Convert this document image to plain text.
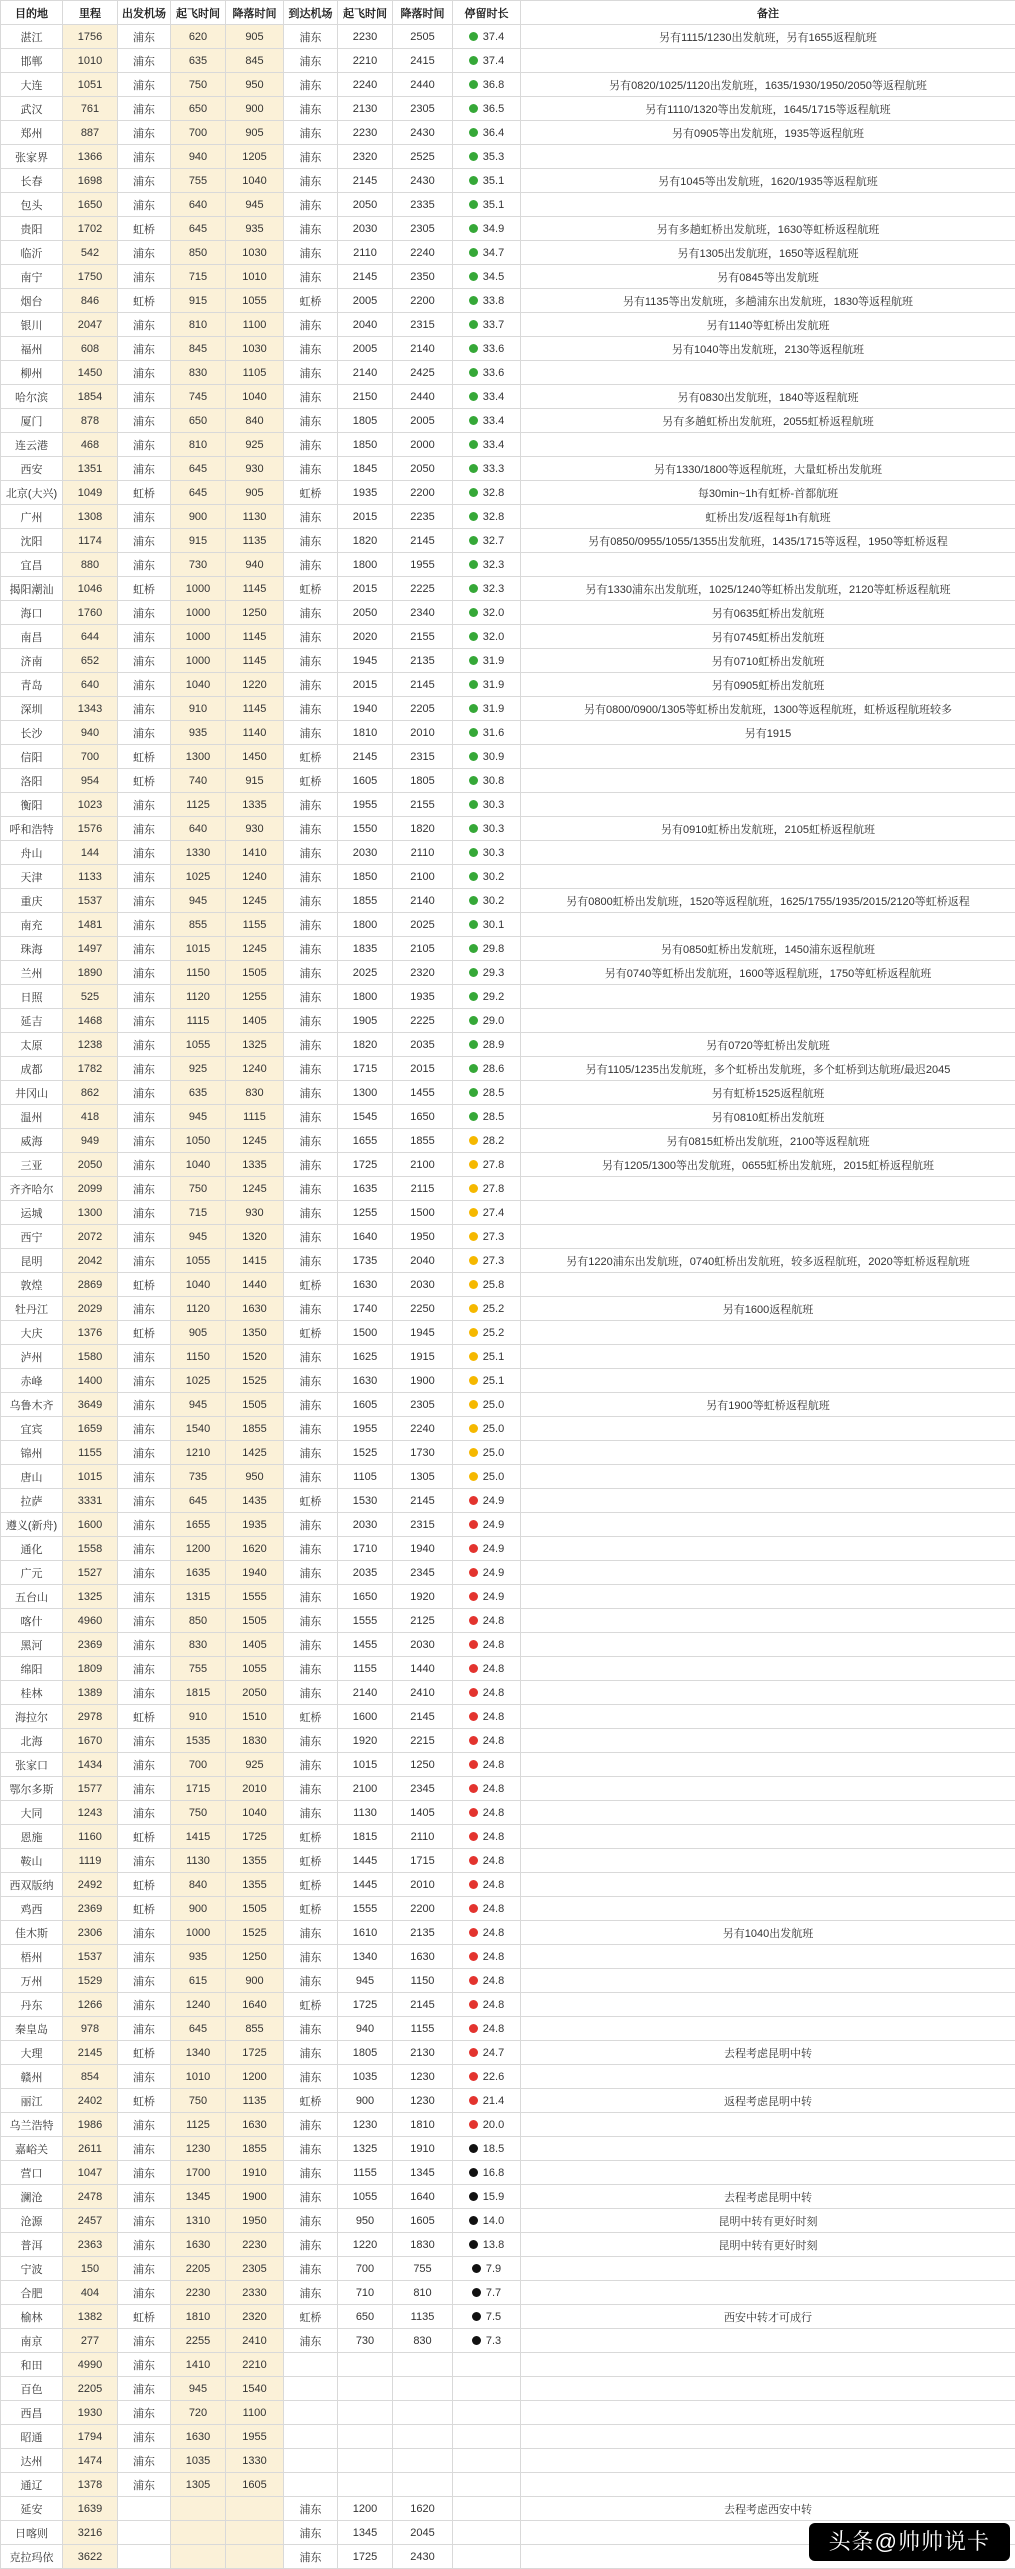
目的地	里程	出发机场	起飞时间	降落时间	到达机场	起飞时间	降落时间	停留时长	备注
湛江	1756	浦东	620	905	浦东	2230	2505	37.4	另有1115/1230出发航班，另有1655返程航班
邯郸	1010	浦东	635	845	浦东	2210	2415	37.4	
大连	1051	浦东	750	950	浦东	2240	2440	36.8	另有0820/1025/1120出发航班，1635/1930/1950/2050等返程航班
武汉	761	浦东	650	900	浦东	2130	2305	36.5	另有1110/1320等出发航班，1645/1715等返程航班
郑州	887	浦东	700	905	浦东	2230	2430	36.4	另有0905等出发航班，1935等返程航班
张家界	1366	浦东	940	1205	浦东	2320	2525	35.3	
长春	1698	浦东	755	1040	浦东	2145	2430	35.1	另有1045等出发航班，1620/1935等返程航班
包头	1650	浦东	640	945	浦东	2050	2335	35.1	
贵阳	1702	虹桥	645	935	浦东	2030	2305	34.9	另有多趟虹桥出发航班，1630等虹桥返程航班
临沂	542	浦东	850	1030	浦东	2110	2240	34.7	另有1305出发航班，1650等返程航班
南宁	1750	浦东	715	1010	浦东	2145	2350	34.5	另有0845等出发航班
烟台	846	虹桥	915	1055	虹桥	2005	2200	33.8	另有1135等出发航班，多趟浦东出发航班，1830等返程航班
银川	2047	浦东	810	1100	浦东	2040	2315	33.7	另有1140等虹桥出发航班
福州	608	浦东	845	1030	浦东	2005	2140	33.6	另有1040等出发航班，2130等返程航班
柳州	1450	浦东	830	1105	浦东	2140	2425	33.6	
哈尔滨	1854	浦东	745	1040	浦东	2150	2440	33.4	另有0830出发航班，1840等返程航班
厦门	878	浦东	650	840	浦东	1805	2005	33.4	另有多趟虹桥出发航班，2055虹桥返程航班
连云港	468	浦东	810	925	浦东	1850	2000	33.4	
西安	1351	浦东	645	930	浦东	1845	2050	33.3	另有1330/1800等返程航班，大量虹桥出发航班
北京(大兴)	1049	虹桥	645	905	虹桥	1935	2200	32.8	每30min~1h有虹桥-首都航班
广州	1308	浦东	900	1130	浦东	2015	2235	32.8	虹桥出发/返程每1h有航班
沈阳	1174	浦东	915	1135	浦东	1820	2145	32.7	另有0850/0955/1055/1355出发航班，1435/1715等返程，1950等虹桥返程
宜昌	880	浦东	730	940	浦东	1800	1955	32.3	
揭阳潮汕	1046	虹桥	1000	1145	虹桥	2015	2225	32.3	另有1330浦东出发航班，1025/1240等虹桥出发航班，2120等虹桥返程航班
海口	1760	浦东	1000	1250	浦东	2050	2340	32.0	另有0635虹桥出发航班
南昌	644	浦东	1000	1145	浦东	2020	2155	32.0	另有0745虹桥出发航班
济南	652	浦东	1000	1145	浦东	1945	2135	31.9	另有0710虹桥出发航班
青岛	640	浦东	1040	1220	浦东	2015	2145	31.9	另有0905虹桥出发航班
深圳	1343	浦东	910	1145	浦东	1940	2205	31.9	另有0800/0900/1305等虹桥出发航班，1300等返程航班，虹桥返程航班较多
长沙	940	浦东	935	1140	浦东	1810	2010	31.6	另有1915
信阳	700	虹桥	1300	1450	虹桥	2145	2315	30.9	
洛阳	954	虹桥	740	915	虹桥	1605	1805	30.8	
衡阳	1023	浦东	1125	1335	浦东	1955	2155	30.3	
呼和浩特	1576	浦东	640	930	浦东	1550	1820	30.3	另有0910虹桥出发航班，2105虹桥返程航班
舟山	144	浦东	1330	1410	浦东	2030	2110	30.3	
天津	1133	浦东	1025	1240	浦东	1850	2100	30.2	
重庆	1537	浦东	945	1245	浦东	1855	2140	30.2	另有0800虹桥出发航班，1520等返程航班，1625/1755/1935/2015/2120等虹桥返程
南充	1481	浦东	855	1155	浦东	1800	2025	30.1	
珠海	1497	浦东	1015	1245	浦东	1835	2105	29.8	另有0850虹桥出发航班，1450浦东返程航班
兰州	1890	浦东	1150	1505	浦东	2025	2320	29.3	另有0740等虹桥出发航班，1600等返程航班，1750等虹桥返程航班
日照	525	浦东	1120	1255	浦东	1800	1935	29.2	
延吉	1468	浦东	1115	1405	浦东	1905	2225	29.0	
太原	1238	浦东	1055	1325	浦东	1820	2035	28.9	另有0720等虹桥出发航班
成都	1782	浦东	925	1240	浦东	1715	2015	28.6	另有1105/1235出发航班，多个虹桥出发航班，多个虹桥到达航班/最迟2045
井冈山	862	浦东	635	830	浦东	1300	1455	28.5	另有虹桥1525返程航班
温州	418	浦东	945	1115	浦东	1545	1650	28.5	另有0810虹桥出发航班
威海	949	浦东	1050	1245	浦东	1655	1855	28.2	另有0815虹桥出发航班，2100等返程航班
三亚	2050	浦东	1040	1335	浦东	1725	2100	27.8	另有1205/1300等出发航班，0655虹桥出发航班，2015虹桥返程航班
齐齐哈尔	2099	浦东	750	1245	浦东	1635	2115	27.8	
运城	1300	浦东	715	930	浦东	1255	1500	27.4	
西宁	2072	浦东	945	1320	浦东	1640	1950	27.3	
昆明	2042	浦东	1055	1415	浦东	1735	2040	27.3	另有1220浦东出发航班，0740虹桥出发航班，较多返程航班，2020等虹桥返程航班
敦煌	2869	虹桥	1040	1440	虹桥	1630	2030	25.8	
牡丹江	2029	浦东	1120	1630	浦东	1740	2250	25.2	另有1600返程航班
大庆	1376	虹桥	905	1350	虹桥	1500	1945	25.2	
泸州	1580	浦东	1150	1520	浦东	1625	1915	25.1	
赤峰	1400	浦东	1025	1525	浦东	1630	1900	25.1	
乌鲁木齐	3649	浦东	945	1505	浦东	1605	2305	25.0	另有1900等虹桥返程航班
宜宾	1659	浦东	1540	1855	浦东	1955	2240	25.0	
锦州	1155	浦东	1210	1425	浦东	1525	1730	25.0	
唐山	1015	浦东	735	950	浦东	1105	1305	25.0	
拉萨	3331	浦东	645	1435	虹桥	1530	2145	24.9	
遵义(新舟)	1600	浦东	1655	1935	浦东	2030	2315	24.9	
通化	1558	浦东	1200	1620	浦东	1710	1940	24.9	
广元	1527	浦东	1635	1940	浦东	2035	2345	24.9	
五台山	1325	浦东	1315	1555	浦东	1650	1920	24.9	
喀什	4960	浦东	850	1505	浦东	1555	2125	24.8	
黑河	2369	浦东	830	1405	浦东	1455	2030	24.8	
绵阳	1809	浦东	755	1055	浦东	1155	1440	24.8	
桂林	1389	浦东	1815	2050	浦东	2140	2410	24.8	
海拉尔	2978	虹桥	910	1510	虹桥	1600	2145	24.8	
北海	1670	浦东	1535	1830	浦东	1920	2215	24.8	
张家口	1434	浦东	700	925	浦东	1015	1250	24.8	
鄂尔多斯	1577	浦东	1715	2010	浦东	2100	2345	24.8	
大同	1243	浦东	750	1040	浦东	1130	1405	24.8	
恩施	1160	虹桥	1415	1725	虹桥	1815	2110	24.8	
鞍山	1119	浦东	1130	1355	虹桥	1445	1715	24.8	
西双版纳	2492	虹桥	840	1355	虹桥	1445	2010	24.8	
鸡西	2369	虹桥	900	1505	虹桥	1555	2200	24.8	
佳木斯	2306	浦东	1000	1525	浦东	1610	2135	24.8	另有1040出发航班
梧州	1537	浦东	935	1250	浦东	1340	1630	24.8	
万州	1529	浦东	615	900	浦东	945	1150	24.8	
丹东	1266	浦东	1240	1640	虹桥	1725	2145	24.8	
秦皇岛	978	浦东	645	855	浦东	940	1155	24.8	
大理	2145	虹桥	1340	1725	浦东	1805	2130	24.7	去程考虑昆明中转
赣州	854	浦东	1010	1200	浦东	1035	1230	22.6	
丽江	2402	虹桥	750	1135	虹桥	900	1230	21.4	返程考虑昆明中转
乌兰浩特	1986	浦东	1125	1630	浦东	1230	1810	20.0	
嘉峪关	2611	浦东	1230	1855	浦东	1325	1910	18.5	
营口	1047	浦东	1700	1910	浦东	1155	1345	16.8	
澜沧	2478	浦东	1345	1900	浦东	1055	1640	15.9	去程考虑昆明中转
沧源	2457	浦东	1310	1950	浦东	950	1605	14.0	昆明中转有更好时刻
普洱	2363	浦东	1630	2230	浦东	1220	1830	13.8	昆明中转有更好时刻
宁波	150	浦东	2205	2305	浦东	700	755	7.9	
合肥	404	浦东	2230	2330	浦东	710	810	7.7	
榆林	1382	虹桥	1810	2320	虹桥	650	1135	7.5	西安中转才可成行
南京	277	浦东	2255	2410	浦东	730	830	7.3	
和田	4990	浦东	1410	2210					
百色	2205	浦东	945	1540					
西昌	1930	浦东	720	1100					
昭通	1794	浦东	1630	1955					
达州	1474	浦东	1035	1330					
通辽	1378	浦东	1305	1605					
延安	1639				浦东	1200	1620		去程考虑西安中转
日喀则	3216				浦东	1345	2045		
克拉玛依	3622				浦东	1725	2430		
头条@帅帅说卡
